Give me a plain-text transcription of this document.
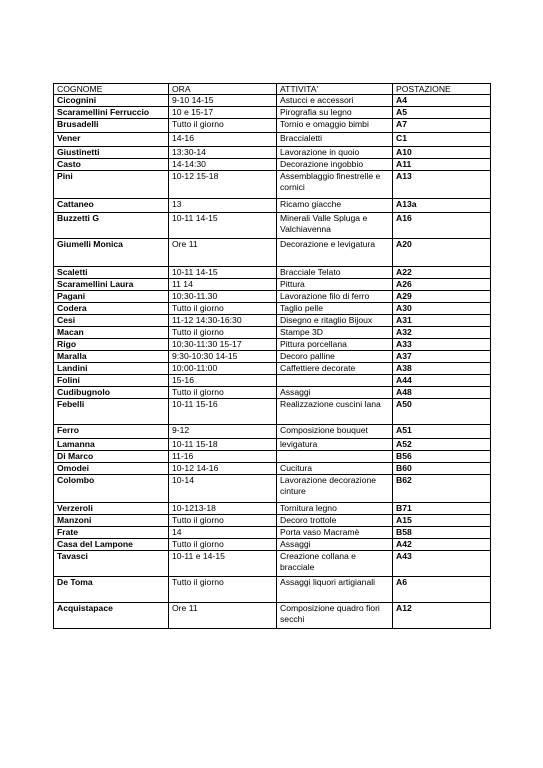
COGNOME	ORA	ATTIVITA'	POSTAZIONE
Cicognini	9-10 14-15	Astucci e accessori	A4
Scaramellini Ferruccio	10 e 15-17	Pirografia su legno	A5
Brusadelli	Tutto il giorno	Tornio e omaggio bimbi	A7
Vener	14-16	Braccialetti	C1
Giustinetti	13:30-14	Lavorazione in quoio	A10
Casto	14-14:30	Decorazione ingobbio	A11
Pini	10-12 15-18	Assemblaggio finestrelle e cornici	A13
Cattaneo	13	Ricamo giacche	A13a
Buzzetti G	10-11 14-15	Minerali Valle Spluga e Valchiavenna	A16
Giumelli Monica	Ore 11	Decorazione e levigatura	A20
Scaletti	10-11 14-15	Bracciale Telato	A22
Scaramellini Laura	11 14	Pittura	A26
Pagani	10:30-11.30	Lavorazione filo di ferro	A29
Codera	Tutto il giorno	Taglio pelle	A30
Cesi	11-12 14:30-16:30	Disegno e ritaglio Bijoux	A31
Macan	Tutto il giorno	Stampe 3D	A32
Rigo	10:30-11:30 15-17	Pittura porcellana	A33
Maralla	9:30-10:30 14-15	Decoro palline	A37
Landini	10:00-11:00	Caffettiere decorate	A38
Folini	15-16		A44
Cudibugnolo	Tutto il giorno	Assaggi	A48
Febelli	10-11 15-16	Realizzazione cuscini lana	A50
Ferro	9-12	Composizione bouquet	A51
Lamanna	10-11 15-18	levigatura	A52
Di Marco	11-16		B56
Omodei	10-12 14-16	Cucitura	B60
Colombo	10-14	Lavorazione decorazione cinture	B62
Verzeroli	10-1213-18	Tornitura legno	B71
Manzoni	Tutto il giorno	Decoro trottole	A15
Frate	14	Porta vaso Macramè	B58
Casa del Lampone	Tutto il giorno	Assaggi	A42
Tavasci	10-11 e 14-15	Creazione collana e bracciale	A43
De Toma	Tutto il giorno	Assaggi liquori artigianali	A6
Acquistapace	Ore 11	Composizione quadro fiori secchi	A12
